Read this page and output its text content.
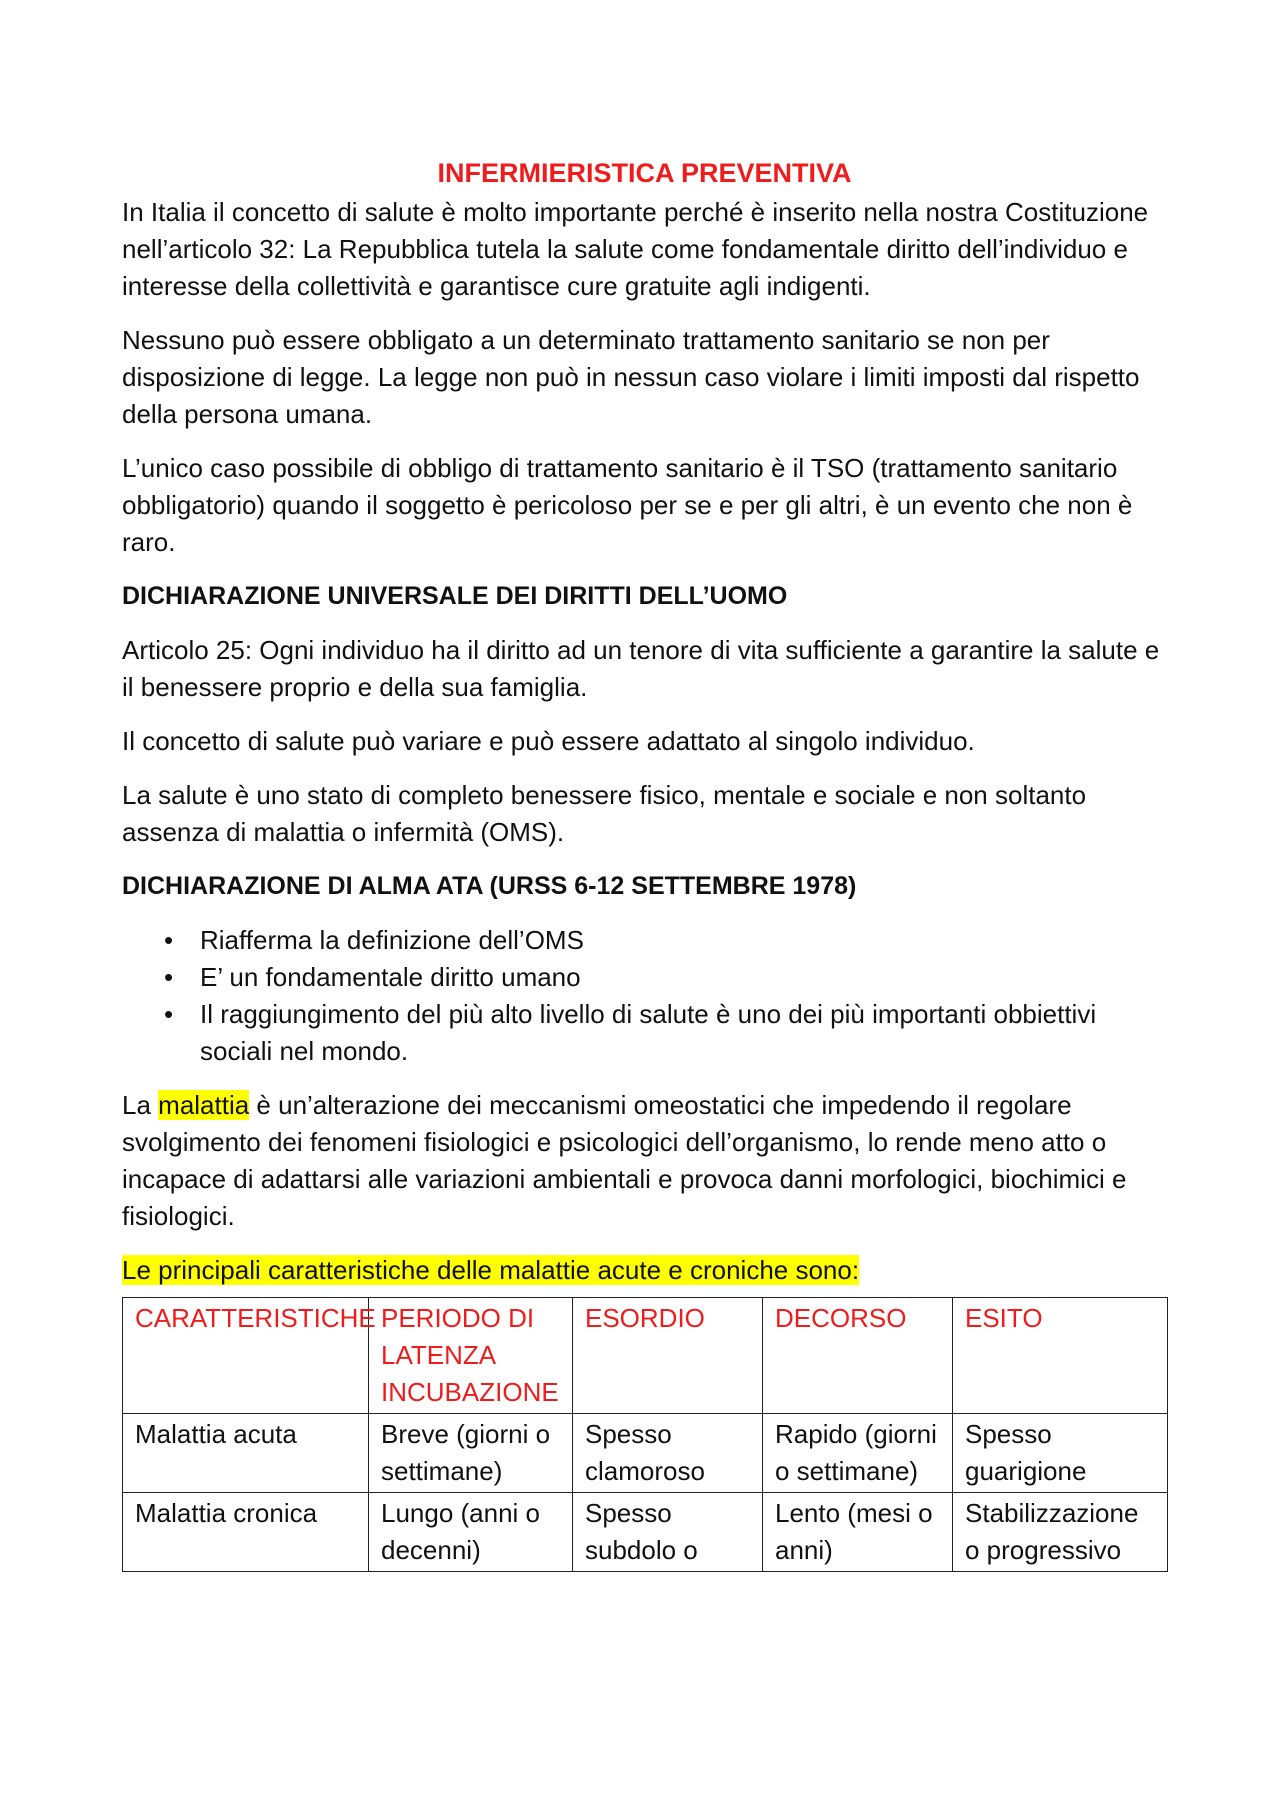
INFERMIERISTICA PREVENTIVA

In Italia il concetto di salute è molto importante perché è inserito nella nostra Costituzione nell’articolo 32: La Repubblica tutela la salute come fondamentale diritto dell’individuo e interesse della collettività e garantisce cure gratuite agli indigenti.

Nessuno può essere obbligato a un determinato trattamento sanitario se non per disposizione di legge. La legge non può in nessun caso violare i limiti imposti dal rispetto della persona umana.

L’unico caso possibile di obbligo di trattamento sanitario è il TSO (trattamento sanitario obbligatorio) quando il soggetto è pericoloso per se e per gli altri, è un evento che non è raro.

DICHIARAZIONE UNIVERSALE DEI DIRITTI DELL’UOMO

Articolo 25: Ogni individuo ha il diritto ad un tenore di vita sufficiente a garantire la salute e il benessere proprio e della sua famiglia.

Il concetto di salute può variare e può essere adattato al singolo individuo.

La salute è uno stato di completo benessere fisico, mentale e sociale e non soltanto assenza di malattia o infermità (OMS).

DICHIARAZIONE DI ALMA ATA (URSS 6-12 SETTEMBRE 1978)
• Riafferma la definizione dell’OMS
• E’ un fondamentale diritto umano
• Il raggiungimento del più alto livello di salute è uno dei più importanti obbiettivi sociali nel mondo.

La malattia è un’alterazione dei meccanismi omeostatici che impedendo il regolare svolgimento dei fenomeni fisiologici e psicologici dell’organismo, lo rende meno atto o incapace di adattarsi alle variazioni ambientali e provoca danni morfologici, biochimici e fisiologici.

Le principali caratteristiche delle malattie acute e croniche sono:

CARATTERISTICHE	PERIODO DI LATENZA INCUBAZIONE	ESORDIO	DECORSO	ESITO
Malattia acuta	Breve (giorni o settimane)	Spesso clamoroso	Rapido (giorni o settimane)	Spesso guarigione
Malattia cronica	Lungo (anni o decenni)	Spesso subdolo o	Lento (mesi o anni)	Stabilizzazione o progressivo
